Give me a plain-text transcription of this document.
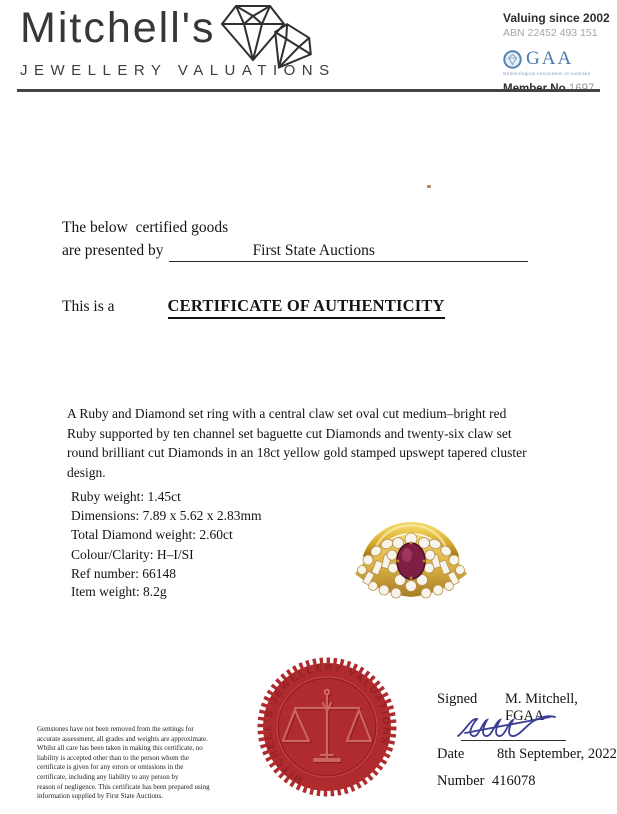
Mitchell's
JEWELLERY VALUATIONS
Valuing since 2002
ABN 22452 493 151
GAA
Gemmological Association of Australia
The below  certified goods
are presented by	First State Auctions
This is a	CERTIFICATE OF AUTHENTICITY
A Ruby and Diamond set ring with a central claw set oval cut medium–bright red Ruby supported by ten channel set baguette cut Diamonds and twenty-six claw set round brilliant cut Diamonds in an 18ct yellow gold stamped upswept tapered cluster design.
Ruby weight: 1.45ct
Dimensions: 7.89 x 5.62 x 2.83mm
Total Diamond weight: 2.60ct
Colour/Clarity: H–I/SI
Ref number: 66148
Item weight: 8.2g
Gemstones have not been removed from the settings for
accurate assessment, all grades and weights are approximate.
Whilst all care has been taken in making this certificate, no
liability is accepted other than to the person whom the
certificate is given for any errors or omissions in the
certificate, including any liability to any person by
reason of negligence. This certificate has been prepared using
information supplied by First State Auctions.
MITCHELL'S JEWELLERY VALUATIONS
Signed M. Mitchell, FGAA
Date 8th September, 2022
Number 416078
